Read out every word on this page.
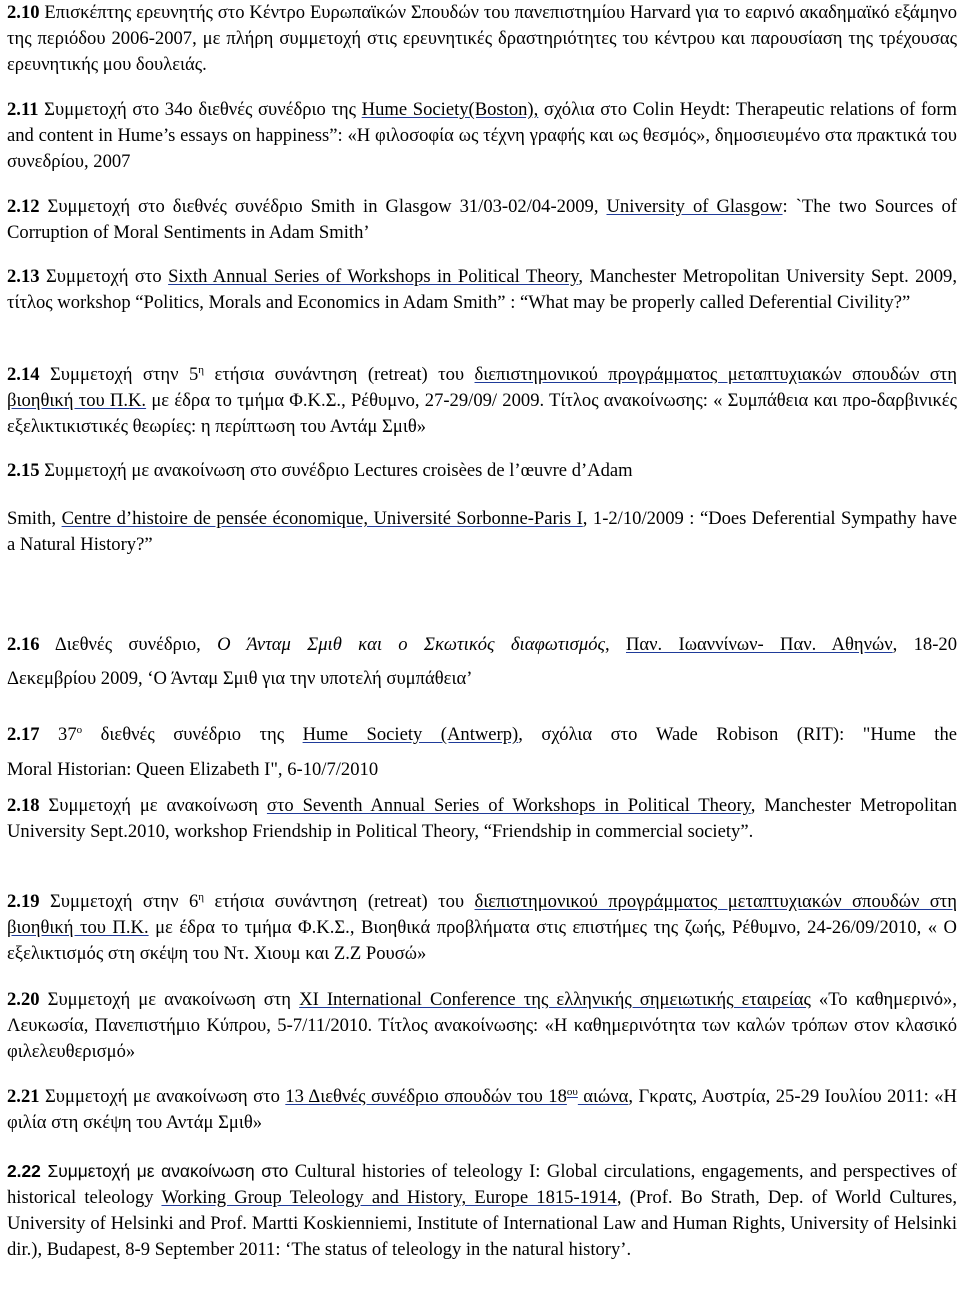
2.10 Επισκέπτης ερευνητής στο Κέντρο Ευρωπαϊκών Σπουδών του πανεπιστημίου Harvard για το εαρινό ακαδημαϊκό εξάμηνο της περιόδου 2006-2007, με πλήρη συμμετοχή στις ερευνητικές δραστηριότητες του κέντρου και παρουσίαση της τρέχουσας ερευνητικής μου δουλειάς.

2.11 Συμμετοχή στο 34ο διεθνές συνέδριο της Hume Society(Boston), σχόλια στο Colin Heydt: Therapeutic relations of form and content in Hume’s essays on happiness”: «Η φιλοσοφία ως τέχνη γραφής και ως θεσμός», δημοσιευμένο στα πρακτικά του συνεδρίου, 2007

2.12 Συμμετοχή στο διεθνές συνέδριο Smith in Glasgow 31/03-02/04-2009, University of Glasgow: `The two Sources of Corruption of Moral Sentiments in Adam Smith’

2.13 Συμμετοχή στο Sixth Annual Series of Workshops in Political Theory, Manchester Metropolitan University Sept. 2009, τίτλος workshop “Politics, Morals and Economics in Adam Smith” : “What may be properly called Deferential Civility?”

2.14 Συμμετοχή στην $5^\eta$ ετήσια συνάντηση (retreat) του διεπιστημονικού προγράμματος μεταπτυχιακών σπουδών στη βιοηθική του Π.Κ. με έδρα το τμήμα Φ.Κ.Σ., Ρέθυμνο, 27-29/09/ 2009. Τίτλος ανακοίνωσης: « Συμπάθεια και προ-δαρβινικές εξελικτικιστικές θεωρίες: η περίπτωση του Αντάμ Σμιθ»

2.15 Συμμετοχή με ανακοίνωση στο συνέδριο Lectures croisèes de l’œuvre d’Adam

Smith, Centre d’histoire de pensée économique, Université Sorbonne-Paris I, 1-2/10/2009 : “Does Deferential Sympathy have a Natural History?”

2.16 Διεθνές συνέδριο, Ο Άνταμ Σμιθ και ο Σκωτικός διαφωτισμός, Παν. Ιωαννίνων- Παν. Αθηνών, 18-20

Δεκεμβρίου 2009, ‘Ο Άνταμ Σμιθ για την υποτελή συμπάθεια’

2.17 $37^o$ διεθνές συνέδριο της Hume Society (Antwerp), σχόλια στο Wade Robison (RIT): "Hume the

Moral Historian: Queen Elizabeth I", 6-10/7/2010

2.18 Συμμετοχή με ανακοίνωση στο Seventh Annual Series of Workshops in Political Theory, Manchester Metropolitan University Sept.2010, workshop Friendship in Political Theory, “Friendship in commercial society”.

2.19 Συμμετοχή στην $6^\eta$ ετήσια συνάντηση (retreat) του διεπιστημονικού προγράμματος μεταπτυχιακών σπουδών στη βιοηθική του Π.Κ. με έδρα το τμήμα Φ.Κ.Σ., Βιοηθικά προβλήματα στις επιστήμες της ζωής, Ρέθυμνο, 24-26/09/2010, « Ο εξελικτισμός στη σκέψη του Ντ. Χιουμ και Ζ.Ζ Ρουσώ»

2.20 Συμμετοχή με ανακοίνωση στη XI International Conference της ελληνικής σημειωτικής εταιρείας «Το καθημερινό», Λευκωσία, Πανεπιστήμιο Κύπρου, 5-7/11/2010. Τίτλος ανακοίνωσης: «Η καθημερινότητα των καλών τρόπων στον κλασικό φιλελευθερισμό»

2.21 Συμμετοχή με ανακοίνωση στο 13 Διεθνές συνέδριο σπουδών του $18^{o\upsilon}$ αιώνα, Γκρατς, Αυστρία, 25-29 Ιουλίου 2011: «Η φιλία στη σκέψη του Αντάμ Σμιθ»

2.22 Συμμετοχή με ανακοίνωση στο Cultural histories of teleology I: Global circulations, engagements, and perspectives of historical teleology Working Group Teleology and History, Europe 1815-1914, (Prof. Bo Strath, Dep. of World Cultures, University of Helsinki and Prof. Martti Koskienniemi, Institute of International Law and Human Rights, University of Helsinki dir.), Budapest, 8-9 September 2011: ‘The status of teleology in the natural history’.
